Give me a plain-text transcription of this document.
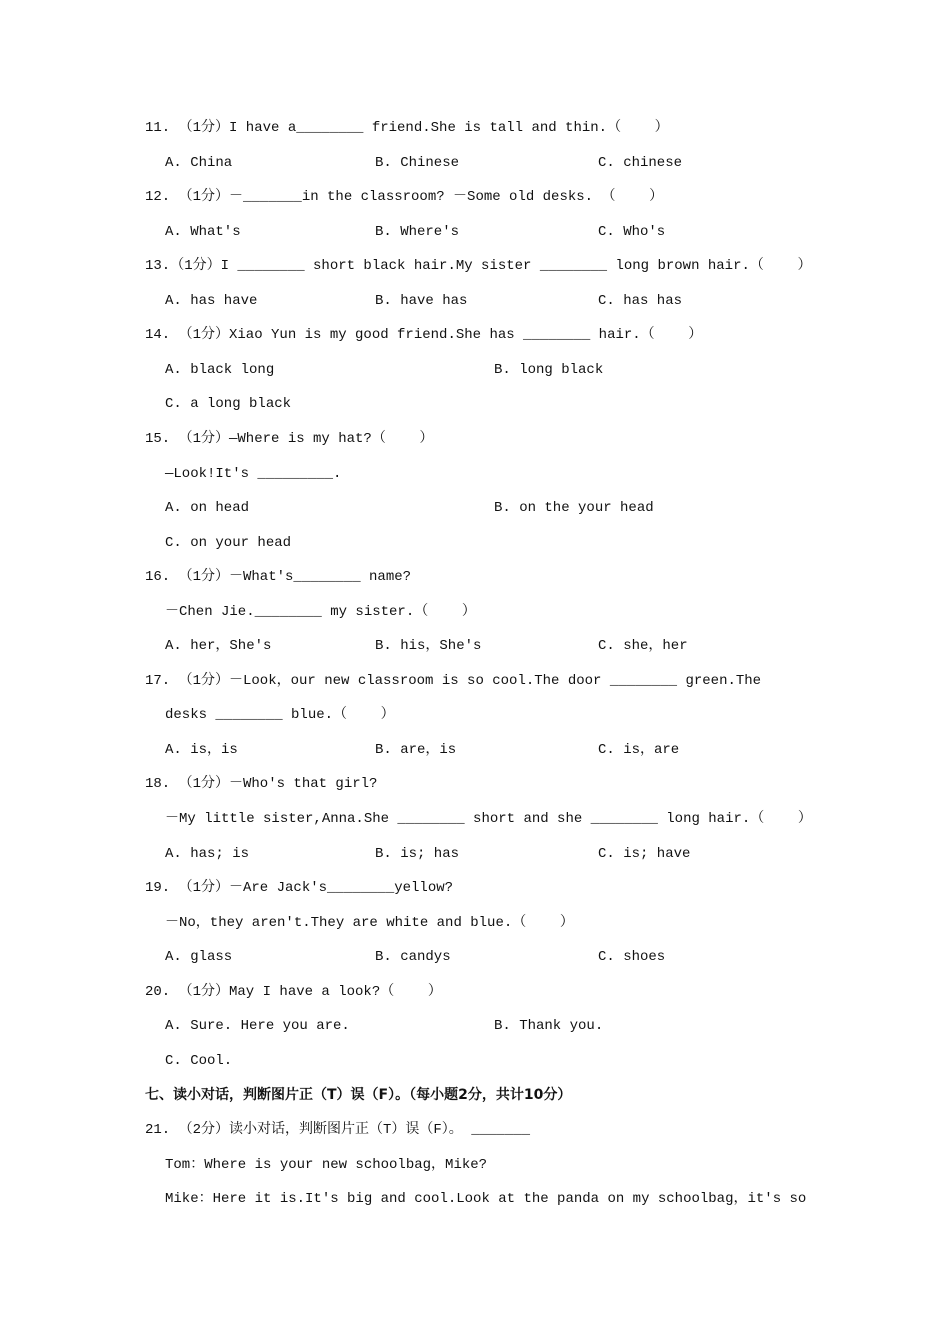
11. （1分）I have a________ friend.She is tall and thin.（    ）
A. China	B. Chinese	C. chinese
12. （1分）－_______in the classroom? －Some old desks. （    ）
A. What's	B. Where's	C. Who's
13.（1分）I ________ short black hair.My sister ________ long brown hair.（    ）
A. has have	B. have has	C. has has
14. （1分）Xiao Yun is my good friend.She has ________ hair.（    ）
A. black long	B. long black
C. a long black
15. （1分）—Where is my hat?（    ）
—Look!It's _________.
A. on head	B. on the your head
C. on your head
16. （1分）－What's________ name?
－Chen Jie.________ my sister.（    ）
A. her，She's	B. his，She's	C. she，her
17. （1分）－Look，our new classroom is so cool.The door ________ green.The
desks ________ blue.（    ）
A. is，is	B. are，is	C. is，are
18. （1分）－Who's that girl?
－My little sister,Anna.She ________ short and she ________ long hair.（    ）
A. has; is	B. is; has	C. is; have
19. （1分）－Are Jack's________yellow?
－No，they aren't.They are white and blue.（    ）
A. glass	B. candys	C. shoes
20. （1分）May I have a look?（    ）
A. Sure. Here you are.	B. Thank you.
C. Cool.
七、读小对话，判断图片正（T）误（F）。（每小题2分，共计10分）
21. （2分）读小对话，判断图片正（T）误（F）。 _______
Tom：Where is your new schoolbag，Mike?
Mike：Here it is.It's big and cool.Look at the panda on my schoolbag，it's so
